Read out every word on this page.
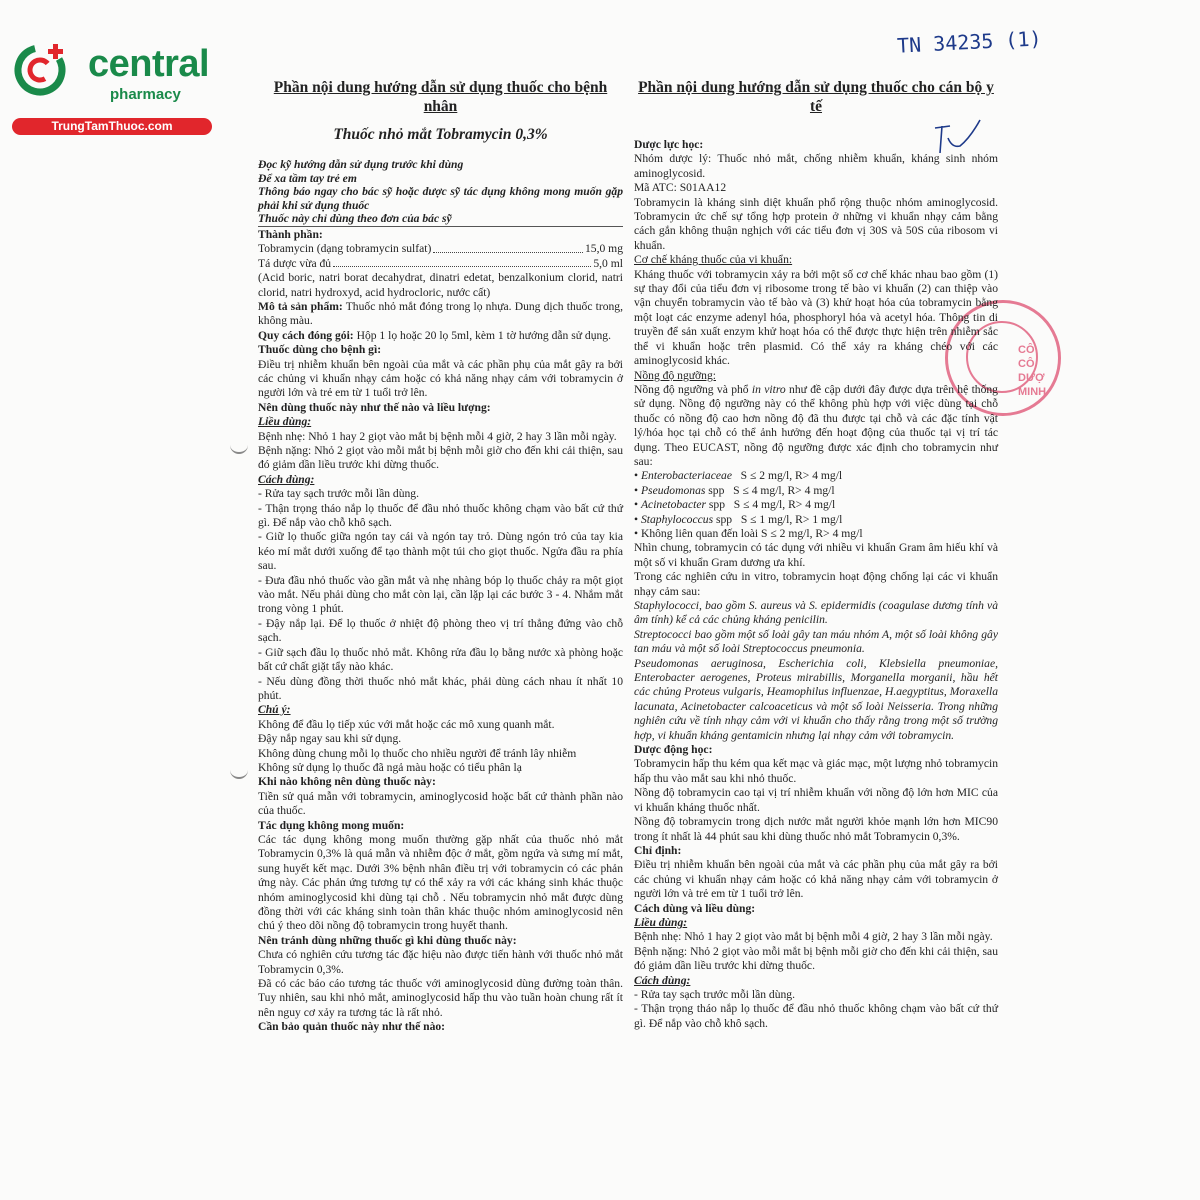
central
pharmacy
TrungTamThuoc.com
TN 34235 (1)
CÔ
CÔ
DƯỢ
MINH
Phần nội dung hướng dẫn sử dụng thuốc cho bệnh nhân
Thuốc nhỏ mắt Tobramycin 0,3%

Đọc kỹ hướng dẫn sử dụng trước khi dùng

Để xa tầm tay trẻ em

Thông báo ngay cho bác sỹ hoặc dược sỹ tác dụng không mong muốn gặp phải khi sử dụng thuốc

Thuốc này chỉ dùng theo đơn của bác sỹ

Thành phần:

Tobramycin (dạng tobramycin sulfat)	15,0 mg
Tá dược vừa đủ	5,0 ml

(Acid boric, natri borat decahydrat, dinatri edetat, benzalkonium clorid, natri clorid, natri hydroxyd, acid hydrocloric, nước cất)

Mô tả sản phẩm: Thuốc nhỏ mắt đóng trong lọ nhựa. Dung dịch thuốc trong, không màu.

Quy cách đóng gói: Hộp 1 lọ hoặc 20 lọ 5ml, kèm 1 tờ hướng dẫn sử dụng.

Thuốc dùng cho bệnh gì:

Điều trị nhiễm khuẩn bên ngoài của mắt và các phần phụ của mắt gây ra bởi các chủng vi khuẩn nhạy cảm hoặc có khả năng nhạy cảm với tobramycin ở người lớn và trẻ em từ 1 tuổi trở lên.

Nên dùng thuốc này như thế nào và liều lượng:

Liều dùng:

Bệnh nhẹ: Nhỏ 1 hay 2 giọt vào mắt bị bệnh mỗi 4 giờ, 2 hay 3 lần mỗi ngày.

Bệnh nặng: Nhỏ 2 giọt vào mỗi mắt bị bệnh mỗi giờ cho đến khi cải thiện, sau đó giảm dần liều trước khi dừng thuốc.

Cách dùng:

- Rửa tay sạch trước mỗi lần dùng.

- Thận trọng tháo nắp lọ thuốc để đầu nhỏ thuốc không chạm vào bất cứ thứ gì. Để nắp vào chỗ khô sạch.

- Giữ lọ thuốc giữa ngón tay cái và ngón tay trỏ. Dùng ngón trỏ của tay kia kéo mí mắt dưới xuống để tạo thành một túi cho giọt thuốc. Ngửa đầu ra phía sau.

- Đưa đầu nhỏ thuốc vào gần mắt và nhẹ nhàng bóp lọ thuốc chảy ra một giọt vào mắt. Nếu phải dùng cho mắt còn lại, cần lặp lại các bước 3 - 4. Nhắm mắt trong vòng 1 phút.

- Đậy nắp lại. Để lọ thuốc ở nhiệt độ phòng theo vị trí thẳng đứng vào chỗ sạch.

- Giữ sạch đầu lọ thuốc nhỏ mắt. Không rửa đầu lọ bằng nước xà phòng hoặc bất cứ chất giặt tẩy nào khác.

- Nếu dùng đồng thời thuốc nhỏ mắt khác, phải dùng cách nhau ít nhất 10 phút.

Chú ý:

Không để đầu lọ tiếp xúc với mắt hoặc các mô xung quanh mắt.

Đậy nắp ngay sau khi sử dụng.

Không dùng chung mỗi lọ thuốc cho nhiều người để tránh lây nhiễm

Không sử dụng lọ thuốc đã ngả màu hoặc có tiểu phân lạ

Khi nào không nên dùng thuốc này:

Tiền sử quá mẫn với tobramycin, aminoglycosid hoặc bất cứ thành phần nào của thuốc.

Tác dụng không mong muốn:

Các tác dụng không mong muốn thường gặp nhất của thuốc nhỏ mắt Tobramycin 0,3% là quá mẫn và nhiễm độc ở mắt, gồm ngứa và sưng mí mắt, sung huyết kết mạc. Dưới 3% bệnh nhân điều trị với tobramycin có các phản ứng này. Các phản ứng tương tự có thể xảy ra với các kháng sinh khác thuộc nhóm aminoglycosid khi dùng tại chỗ . Nếu tobramycin nhỏ mắt được dùng đồng thời với các kháng sinh toàn thân khác thuộc nhóm aminoglycosid nên chú ý theo dõi nồng độ tobramycin trong huyết thanh.

Nên tránh dùng những thuốc gì khi dùng thuốc này:

Chưa có nghiên cứu tương tác đặc hiệu nào được tiến hành với thuốc nhỏ mắt Tobramycin 0,3%.

Đã có các báo cáo tương tác thuốc với aminoglycosid dùng đường toàn thân. Tuy nhiên, sau khi nhỏ mắt, aminoglycosid hấp thu vào tuần hoàn chung rất ít nên nguy cơ xảy ra tương tác là rất nhỏ.

Cần bảo quản thuốc này như thế nào:

Phần nội dung hướng dẫn sử dụng thuốc cho cán bộ y tế

Dược lực học:

Nhóm dược lý: Thuốc nhỏ mắt, chống nhiễm khuẩn, kháng sinh nhóm aminoglycosid.

Mã ATC: S01AA12

Tobramycin là kháng sinh diệt khuẩn phổ rộng thuộc nhóm aminoglycosid. Tobramycin ức chế sự tổng hợp protein ở những vi khuẩn nhạy cảm bằng cách gắn không thuận nghịch với các tiểu đơn vị 30S và 50S của ribosom vi khuẩn.

Cơ chế kháng thuốc của vi khuẩn:

Kháng thuốc với tobramycin xảy ra bởi một số cơ chế khác nhau bao gồm (1) sự thay đổi của tiểu đơn vị ribosome trong tế bào vi khuẩn (2) can thiệp vào vận chuyển tobramycin vào tế bào và (3) khử hoạt hóa của tobramycin bằng một loạt các enzyme adenyl hóa, phosphoryl hóa và acetyl hóa. Thông tin di truyền để sản xuất enzym khử hoạt hóa có thể được thực hiện trên nhiễm sắc thể vi khuẩn hoặc trên plasmid. Có thể xảy ra kháng chéo với các aminoglycosid khác.

Nồng độ ngưỡng:

Nồng độ ngưỡng và phổ in vitro như đề cập dưới đây được dựa trên hệ thống sử dụng. Nồng độ ngưỡng này có thể không phù hợp với việc dùng tại chỗ thuốc có nồng độ cao hơn nồng độ đã thu được tại chỗ và các đặc tính vật lý/hóa học tại chỗ có thể ảnh hưởng đến hoạt động của thuốc tại vị trí tác dụng. Theo EUCAST, nồng độ ngưỡng được xác định cho tobramycin như sau:

• Enterobacteriaceae S ≤ 2 mg/l, R> 4 mg/l

• Pseudomonas spp S ≤ 4 mg/l, R> 4 mg/l

• Acinetobacter spp S ≤ 4 mg/l, R> 4 mg/l

• Staphylococcus spp S ≤ 1 mg/l, R> 1 mg/l

• Không liên quan đến loài S ≤ 2 mg/l, R> 4 mg/l

Nhìn chung, tobramycin có tác dụng với nhiều vi khuẩn Gram âm hiếu khí và một số vi khuẩn Gram dương ưa khí.

Trong các nghiên cứu in vitro, tobramycin hoạt động chống lại các vi khuẩn nhạy cảm sau:

Staphylococci, bao gồm S. aureus và S. epidermidis (coagulase dương tính và âm tính) kể cả các chủng kháng penicilin.

Streptococci bao gồm một số loài gây tan máu nhóm A, một số loài không gây tan máu và một số loài Streptococcus pneumonia.

Pseudomonas aeruginosa, Escherichia coli, Klebsiella pneumoniae, Enterobacter aerogenes, Proteus mirabillis, Morganella morganii, hầu hết các chủng Proteus vulgaris, Heamophilus influenzae, H.aegyptitus, Moraxella lacunata, Acinetobacter calcoaceticus và một số loài Neisseria. Trong những nghiên cứu về tính nhạy cảm với vi khuẩn cho thấy rằng trong một số trường hợp, vi khuẩn kháng gentamicin nhưng lại nhạy cảm với tobramycin.

Dược động học:

Tobramycin hấp thu kém qua kết mạc và giác mạc, một lượng nhỏ tobramycin hấp thu vào mắt sau khi nhỏ thuốc.

Nồng độ tobramycin cao tại vị trí nhiễm khuẩn với nồng độ lớn hơn MIC của vi khuẩn kháng thuốc nhất.

Nồng độ tobramycin trong dịch nước mắt người khỏe mạnh lớn hơn MIC90 trong ít nhất là 44 phút sau khi dùng thuốc nhỏ mắt Tobramycin 0,3%.

Chỉ định:

Điều trị nhiễm khuẩn bên ngoài của mắt và các phần phụ của mắt gây ra bởi các chủng vi khuẩn nhạy cảm hoặc có khả năng nhạy cảm với tobramycin ở người lớn và trẻ em từ 1 tuổi trở lên.

Cách dùng và liều dùng:

Liều dùng:

Bệnh nhẹ: Nhỏ 1 hay 2 giọt vào mắt bị bệnh mỗi 4 giờ, 2 hay 3 lần mỗi ngày.

Bệnh nặng: Nhỏ 2 giọt vào mỗi mắt bị bệnh mỗi giờ cho đến khi cải thiện, sau đó giảm dần liều trước khi dừng thuốc.

Cách dùng:

- Rửa tay sạch trước mỗi lần dùng.

- Thận trọng tháo nắp lọ thuốc để đầu nhỏ thuốc không chạm vào bất cứ thứ gì. Để nắp vào chỗ khô sạch.
